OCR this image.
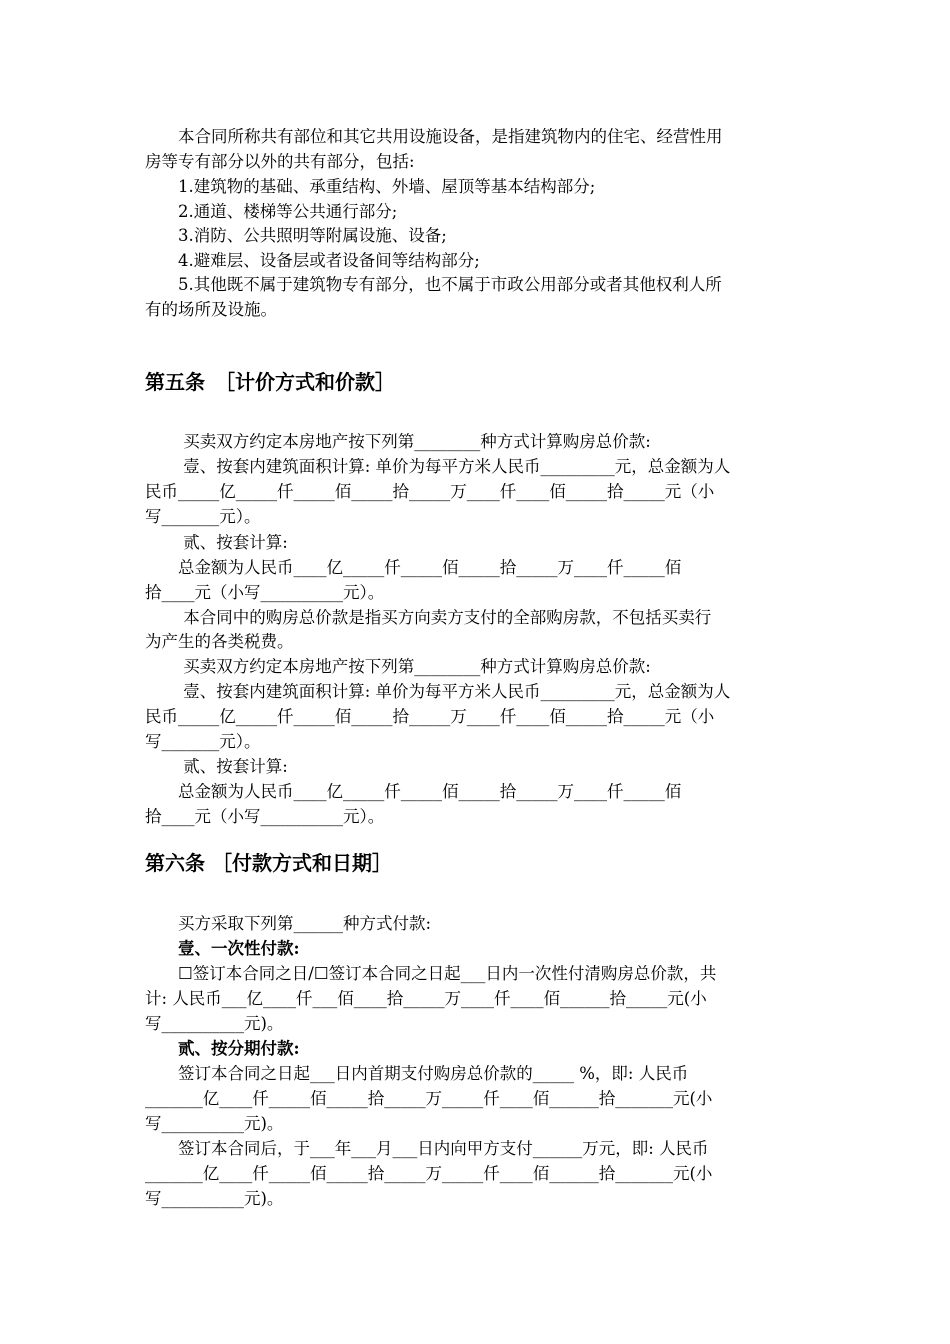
　　本合同所称共有部位和其它共用设施设备，是指建筑物内的住宅、经营性用
房等专有部分以外的共有部分，包括:
　　1.建筑物的基础、承重结构、外墙、屋顶等基本结构部分;
　　2.通道、楼梯等公共通行部分;
　　3.消防、公共照明等附属设施、设备;
　　4.避难层、设备层或者设备间等结构部分;
　　5.其他既不属于建筑物专有部分，也不属于市政公用部分或者其他权利人所
有的场所及设施。
第五条　［计价方式和价款］
　　 买卖双方约定本房地产按下列第________种方式计算购房总价款:
　　 壹、按套内建筑面积计算: 单价为每平方米人民币_________元，总金额为人
民币_____亿_____仟_____佰_____拾_____万____仟____佰_____拾_____元（小
写_______元）。
　　 贰、按套计算:
　　总金额为人民币____亿_____仟_____佰_____拾_____万____仟_____佰
拾____元（小写__________元）。
　　 本合同中的购房总价款是指买方向卖方支付的全部购房款，不包括买卖行
为产生的各类税费。
　　 买卖双方约定本房地产按下列第________种方式计算购房总价款:
　　 壹、按套内建筑面积计算: 单价为每平方米人民币_________元，总金额为人
民币_____亿_____仟_____佰_____拾_____万____仟____佰_____拾_____元（小
写_______元）。
　　 贰、按套计算:
　　总金额为人民币____亿_____仟_____佰_____拾_____万____仟_____佰
拾____元（小写__________元）。
第六条 ［付款方式和日期］
　　买方采取下列第______种方式付款:
　　壹、一次性付款:
　　☐签订本合同之日/☐签订本合同之日起___日内一次性付清购房总价款，共
计: 人民币___亿____仟___佰____拾_____万____仟____佰______拾_____元(小
写__________元)。
　　贰、按分期付款:
　　签订本合同之日起___日内首期支付购房总价款的_____ %，即: 人民币
_______亿____仟_____佰_____拾_____万_____仟____佰______拾_______元(小
写__________元)。
　　签订本合同后，于___年___月___日内向甲方支付______万元，即: 人民币
_______亿____仟_____佰_____拾_____万_____仟____佰______拾_______元(小
写__________元)。
